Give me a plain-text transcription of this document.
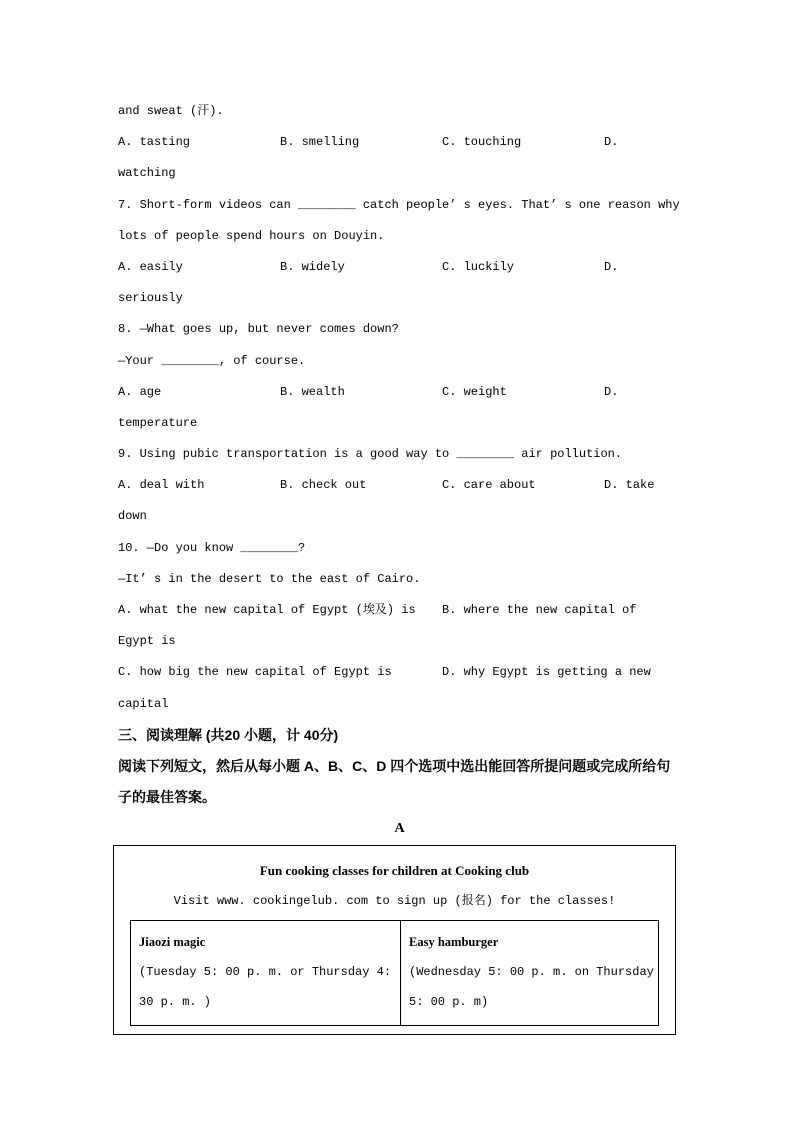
and sweat (汗).
A. tasting	B. smelling	C. touching	D.
watching
7. Short-form videos can ________ catch people’ s eyes. That’ s one reason why
lots of people spend hours on Douyin.
A. easily	B. widely	C. luckily	D.
seriously
8. —What goes up, but never comes down?
—Your ________, of course.
A. age	B. wealth	C. weight	D.
temperature
9. Using pubic transportation is a good way to ________ air pollution.
A. deal with	B. check out	C. care about	D. take
down
10. —Do you know ________?
—It’ s in the desert to the east of Cairo.
A. what the new capital of Egypt (埃及) is	B. where the new capital of
Egypt is
C. how big the new capital of Egypt is	D. why Egypt is getting a new
capital
三、阅读理解 (共20 小题，计 40分)
阅读下列短文，然后从每小题 A、B、C、D 四个选项中选出能回答所提问题或完成所给句
子的最佳答案。
A
Fun cooking classes for children at Cooking club
Visit www. cookingelub. com to sign up (报名) for the classes!
Jiaozi magic
(Tuesday 5: 00 p. m. or Thursday 4:
30 p. m. )
Easy hamburger
(Wednesday 5: 00 p. m. on Thursday
5: 00 p. m)
